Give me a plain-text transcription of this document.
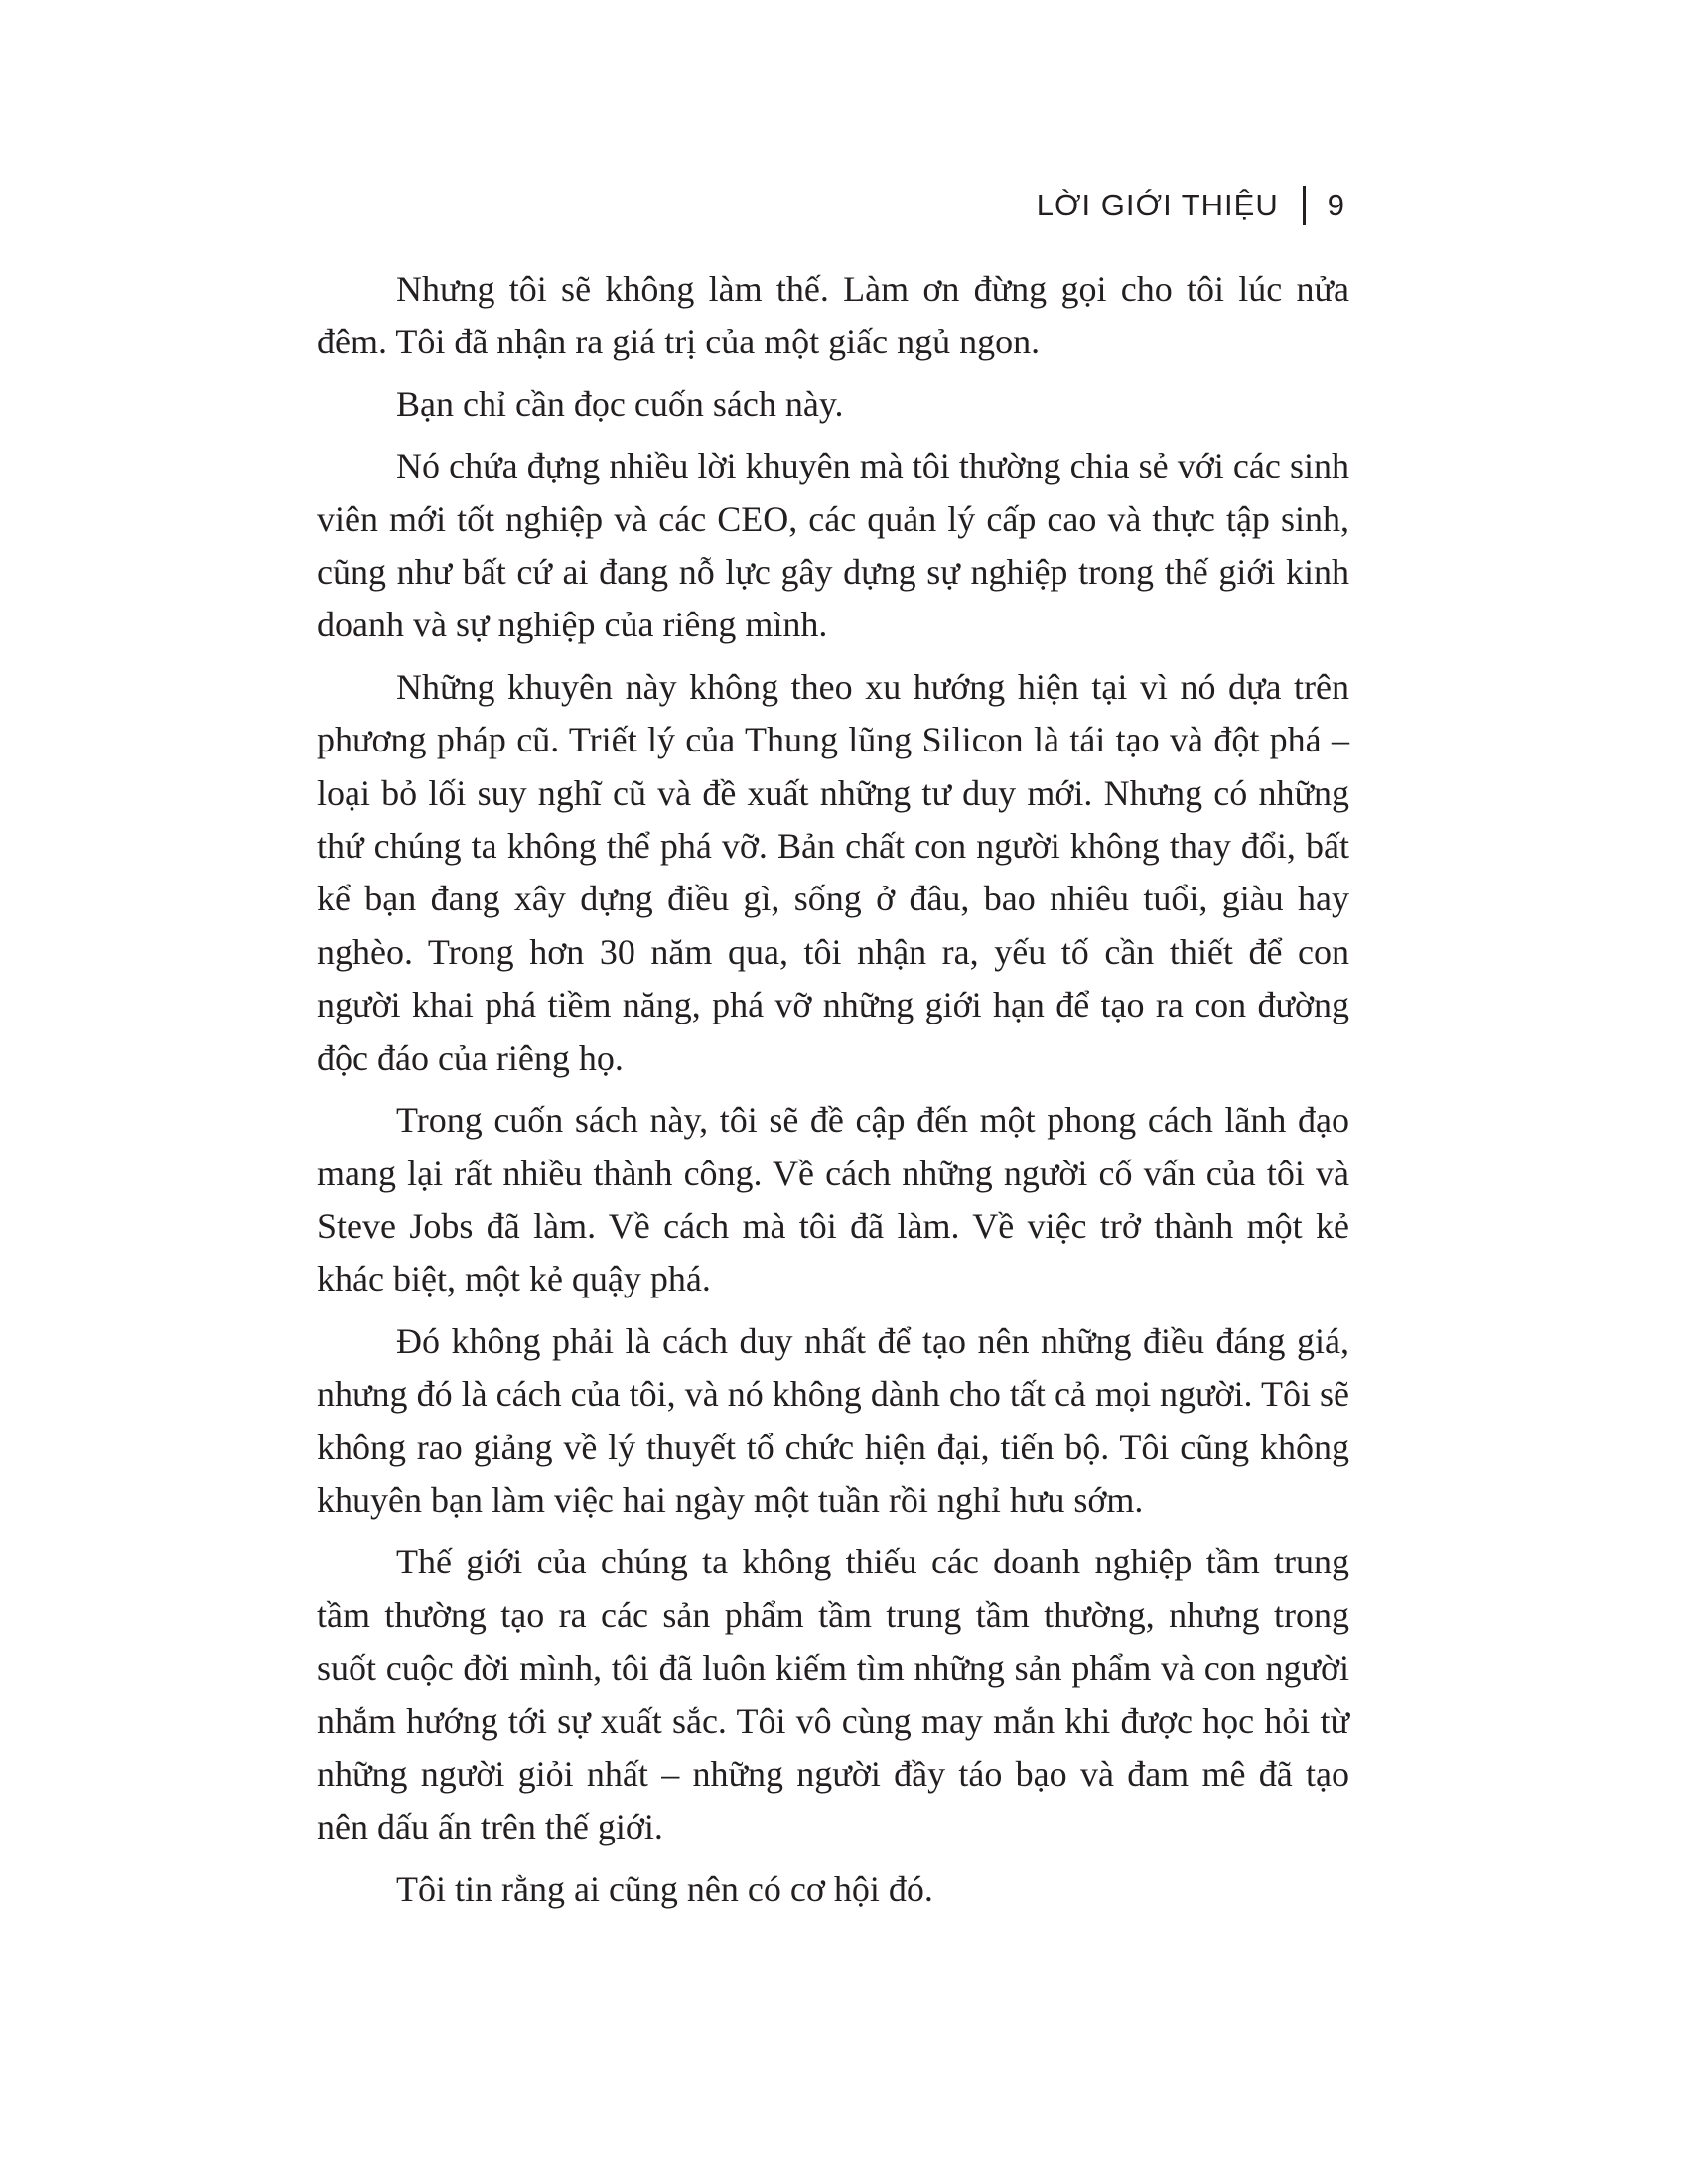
LỜI GIỚI THIỆU 9

Nhưng tôi sẽ không làm thế. Làm ơn đừng gọi cho tôi lúc nửa đêm. Tôi đã nhận ra giá trị của một giấc ngủ ngon.

Bạn chỉ cần đọc cuốn sách này.

Nó chứa đựng nhiều lời khuyên mà tôi thường chia sẻ với các sinh viên mới tốt nghiệp và các CEO, các quản lý cấp cao và thực tập sinh, cũng như bất cứ ai đang nỗ lực gây dựng sự nghiệp trong thế giới kinh doanh và sự nghiệp của riêng mình.

Những khuyên này không theo xu hướng hiện tại vì nó dựa trên phương pháp cũ. Triết lý của Thung lũng Silicon là tái tạo và đột phá – loại bỏ lối suy nghĩ cũ và đề xuất những tư duy mới. Nhưng có những thứ chúng ta không thể phá vỡ. Bản chất con người không thay đổi, bất kể bạn đang xây dựng điều gì, sống ở đâu, bao nhiêu tuổi, giàu hay nghèo. Trong hơn 30 năm qua, tôi nhận ra, yếu tố cần thiết để con người khai phá tiềm năng, phá vỡ những giới hạn để tạo ra con đường độc đáo của riêng họ.

Trong cuốn sách này, tôi sẽ đề cập đến một phong cách lãnh đạo mang lại rất nhiều thành công. Về cách những người cố vấn của tôi và Steve Jobs đã làm. Về cách mà tôi đã làm. Về việc trở thành một kẻ khác biệt, một kẻ quậy phá.

Đó không phải là cách duy nhất để tạo nên những điều đáng giá, nhưng đó là cách của tôi, và nó không dành cho tất cả mọi người. Tôi sẽ không rao giảng về lý thuyết tổ chức hiện đại, tiến bộ. Tôi cũng không khuyên bạn làm việc hai ngày một tuần rồi nghỉ hưu sớm.

Thế giới của chúng ta không thiếu các doanh nghiệp tầm trung tầm thường tạo ra các sản phẩm tầm trung tầm thường, nhưng trong suốt cuộc đời mình, tôi đã luôn kiếm tìm những sản phẩm và con người nhắm hướng tới sự xuất sắc. Tôi vô cùng may mắn khi được học hỏi từ những người giỏi nhất – những người đầy táo bạo và đam mê đã tạo nên dấu ấn trên thế giới.

Tôi tin rằng ai cũng nên có cơ hội đó.
